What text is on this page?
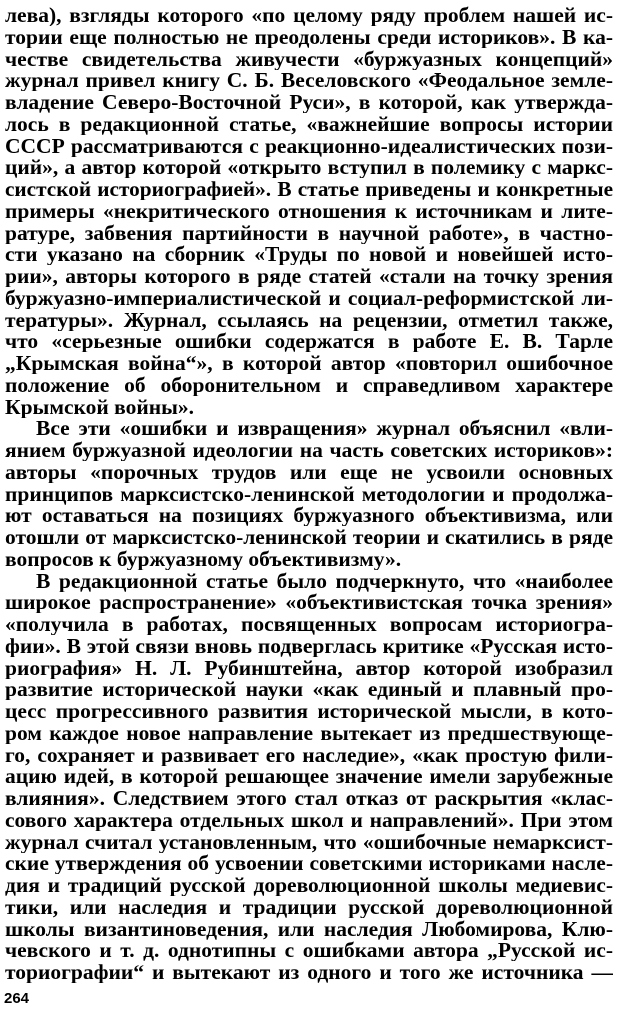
лева), взгляды которого «по целому ряду проблем нашей ис-
тории еще полностью не преодолены среди историков». В ка-
честве свидетельства живучести «буржуазных концепций»
журнал привел книгу С. Б. Веселовского «Феодальное земле-
владение Северо-Восточной Руси», в которой, как утвержда-
лось в редакционной статье, «важнейшие вопросы истории
СССР рассматриваются с реакционно-идеалистических пози-
ций», а автор которой «открыто вступил в полемику с маркс-
систской историографией». В статье приведены и конкретные
примеры «некритического отношения к источникам и лите-
ратуре, забвения партийности в научной работе», в частно-
сти указано на сборник «Труды по новой и новейшей исто-
рии», авторы которого в ряде статей «стали на точку зрения
буржуазно-империалистической и социал-реформистской ли-
тературы». Журнал, ссылаясь на рецензии, отметил также,
что «серьезные ошибки содержатся в работе Е. В. Тарле
„Крымская война“», в которой автор «повторил ошибочное
положение об оборонительном и справедливом характере
Крымской войны».
Все эти «ошибки и извращения» журнал объяснил «вли-
янием буржуазной идеологии на часть советских историков»:
авторы «порочных трудов или еще не усвоили основных
принципов марксистско-ленинской методологии и продолжа-
ют оставаться на позициях буржуазного объективизма, или
отошли от марксистско-ленинской теории и скатились в ряде
вопросов к буржуазному объективизму».
В редакционной статье было подчеркнуто, что «наиболее
широкое распространение» «объективистская точка зрения»
«получила в работах, посвященных вопросам историогра-
фии». В этой связи вновь подверглась критике «Русская исто-
риография» Н. Л. Рубинштейна, автор которой изобразил
развитие исторической науки «как единый и плавный про-
цесс прогрессивного развития исторической мысли, в кото-
ром каждое новое направление вытекает из предшествующе-
го, сохраняет и развивает его наследие», «как простую фили-
ацию идей, в которой решающее значение имели зарубежные
влияния». Следствием этого стал отказ от раскрытия «клас-
сового характера отдельных школ и направлений». При этом
журнал считал установленным, что «ошибочные немарксист-
ские утверждения об усвоении советскими историками насле-
дия и традиций русской дореволюционной школы медиевис-
тики, или наследия и традиции русской дореволюционной
школы византиноведения, или наследия Любомирова, Клю-
чевского и т. д. однотипны с ошибками автора „Русской ис-
ториографии“ и вытекают из одного и того же источника —
264
